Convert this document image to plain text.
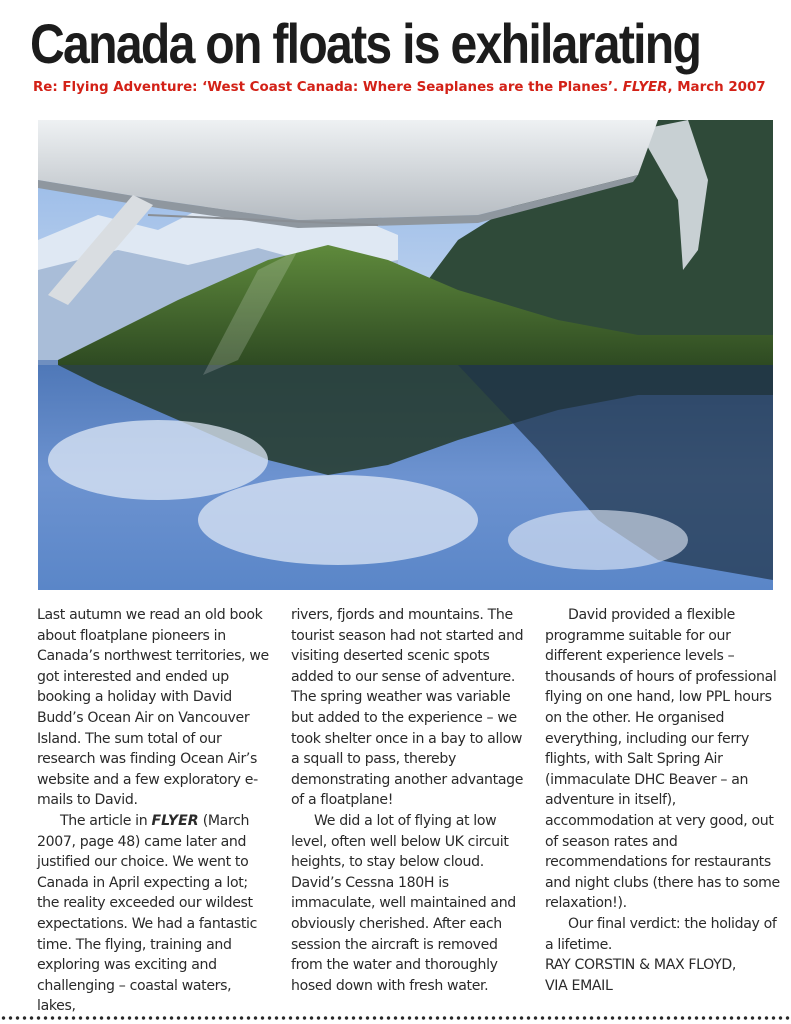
Canada on floats is exhilarating
Re: Flying Adventure: ‘West Coast Canada: Where Seaplanes are the Planes’. FLYER, March 2007

Last autumn we read an old book about floatplane pioneers in Canada’s northwest territories, we got interested and ended up booking a holiday with David Budd’s Ocean Air on Vancouver Island. The sum total of our research was finding Ocean Air’s website and a few exploratory e-mails to David.

The article in FLYER (March 2007, page 48) came later and justified our choice. We went to Canada in April expecting a lot; the reality exceeded our wildest expectations. We had a fantastic time. The flying, training and exploring was exciting and challenging – coastal waters, lakes,

rivers, fjords and mountains. The tourist season had not started and visiting deserted scenic spots added to our sense of adventure. The spring weather was variable but added to the experience – we took shelter once in a bay to allow a squall to pass, thereby demonstrating another advantage of a floatplane!

We did a lot of flying at low level, often well below UK circuit heights, to stay below cloud. David’s Cessna 180H is immaculate, well maintained and obviously cherished. After each session the aircraft is removed from the water and thoroughly hosed down with fresh water.

David provided a flexible programme suitable for our different experience levels – thousands of hours of professional flying on one hand, low PPL hours on the other. He organised everything, including our ferry flights, with Salt Spring Air (immaculate DHC Beaver – an adventure in itself), accommodation at very good, out of season rates and recommendations for restaurants and night clubs (there has to some relaxation!).

Our final verdict: the holiday of a lifetime.

RAY CORSTIN & MAX FLOYD,

VIA EMAIL
